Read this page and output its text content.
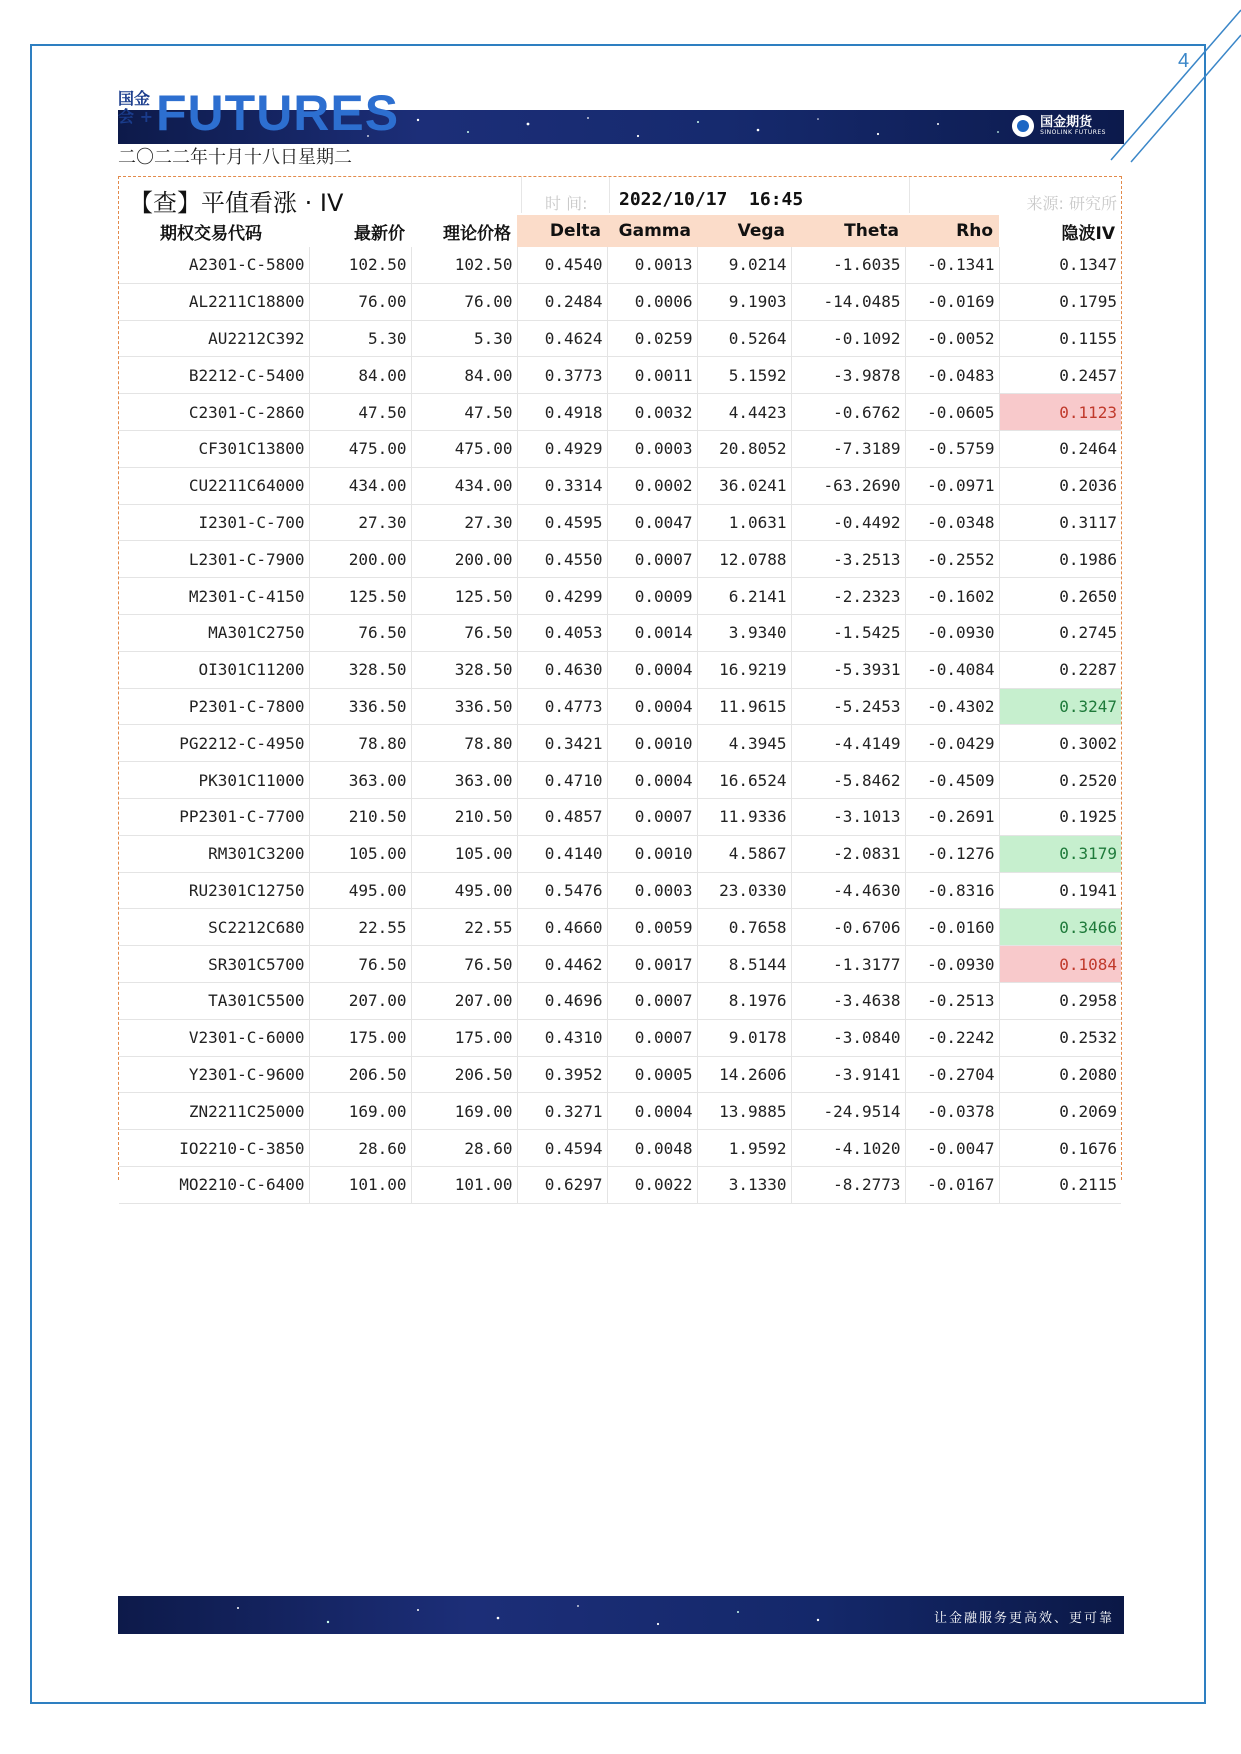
4
国金期货
SINOLINK FUTURES
国金
会 + FUTURES
二〇二二年十月十八日星期二
【查】平值看涨 · IV	时 间: 2022/10/17  16:45	来源: 研究所
期权交易代码	最新价	理论价格	Delta	Gamma	Vega	Theta	Rho	隐波IV
A2301-C-5800	102.50	102.50	0.4540	0.0013	9.0214	-1.6035	-0.1341	0.1347
AL2211C18800	76.00	76.00	0.2484	0.0006	9.1903	-14.0485	-0.0169	0.1795
AU2212C392	5.30	5.30	0.4624	0.0259	0.5264	-0.1092	-0.0052	0.1155
B2212-C-5400	84.00	84.00	0.3773	0.0011	5.1592	-3.9878	-0.0483	0.2457
C2301-C-2860	47.50	47.50	0.4918	0.0032	4.4423	-0.6762	-0.0605	0.1123
CF301C13800	475.00	475.00	0.4929	0.0003	20.8052	-7.3189	-0.5759	0.2464
CU2211C64000	434.00	434.00	0.3314	0.0002	36.0241	-63.2690	-0.0971	0.2036
I2301-C-700	27.30	27.30	0.4595	0.0047	1.0631	-0.4492	-0.0348	0.3117
L2301-C-7900	200.00	200.00	0.4550	0.0007	12.0788	-3.2513	-0.2552	0.1986
M2301-C-4150	125.50	125.50	0.4299	0.0009	6.2141	-2.2323	-0.1602	0.2650
MA301C2750	76.50	76.50	0.4053	0.0014	3.9340	-1.5425	-0.0930	0.2745
OI301C11200	328.50	328.50	0.4630	0.0004	16.9219	-5.3931	-0.4084	0.2287
P2301-C-7800	336.50	336.50	0.4773	0.0004	11.9615	-5.2453	-0.4302	0.3247
PG2212-C-4950	78.80	78.80	0.3421	0.0010	4.3945	-4.4149	-0.0429	0.3002
PK301C11000	363.00	363.00	0.4710	0.0004	16.6524	-5.8462	-0.4509	0.2520
PP2301-C-7700	210.50	210.50	0.4857	0.0007	11.9336	-3.1013	-0.2691	0.1925
RM301C3200	105.00	105.00	0.4140	0.0010	4.5867	-2.0831	-0.1276	0.3179
RU2301C12750	495.00	495.00	0.5476	0.0003	23.0330	-4.4630	-0.8316	0.1941
SC2212C680	22.55	22.55	0.4660	0.0059	0.7658	-0.6706	-0.0160	0.3466
SR301C5700	76.50	76.50	0.4462	0.0017	8.5144	-1.3177	-0.0930	0.1084
TA301C5500	207.00	207.00	0.4696	0.0007	8.1976	-3.4638	-0.2513	0.2958
V2301-C-6000	175.00	175.00	0.4310	0.0007	9.0178	-3.0840	-0.2242	0.2532
Y2301-C-9600	206.50	206.50	0.3952	0.0005	14.2606	-3.9141	-0.2704	0.2080
ZN2211C25000	169.00	169.00	0.3271	0.0004	13.9885	-24.9514	-0.0378	0.2069
IO2210-C-3850	28.60	28.60	0.4594	0.0048	1.9592	-4.1020	-0.0047	0.1676
MO2210-C-6400	101.00	101.00	0.6297	0.0022	3.1330	-8.2773	-0.0167	0.2115
让金融服务更高效、更可靠
